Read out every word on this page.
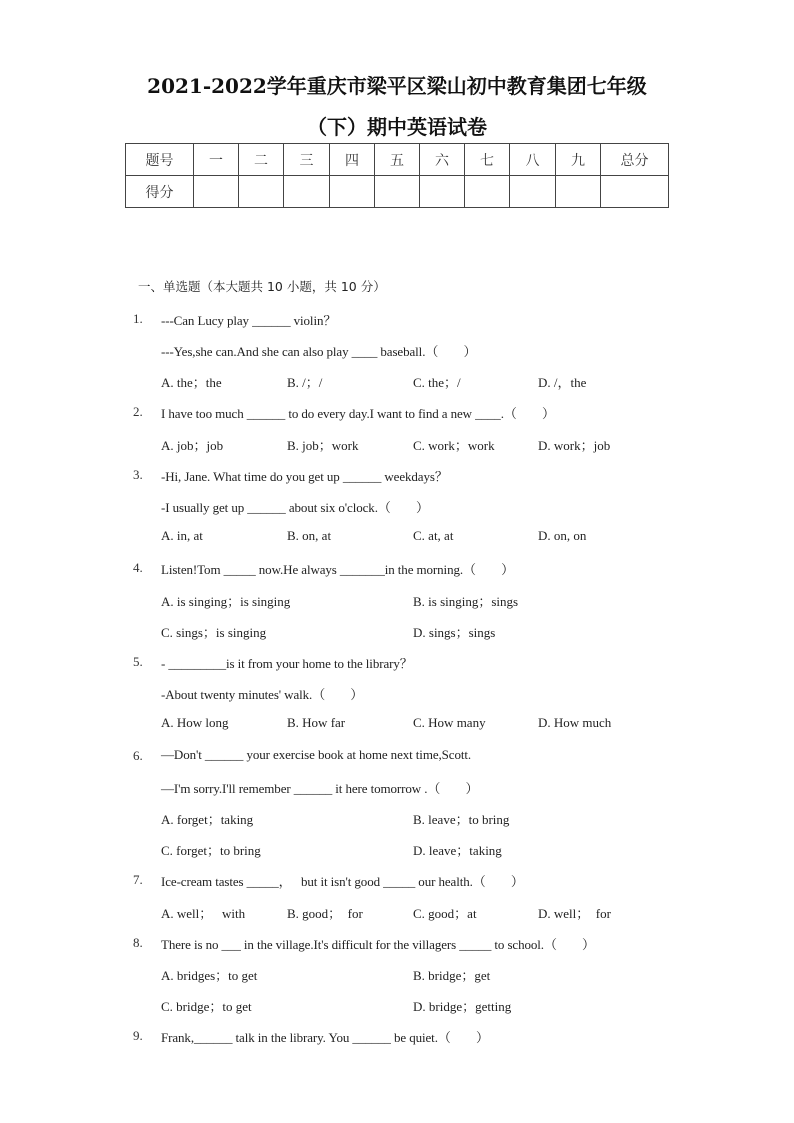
2021-2022学年重庆市梁平区梁山初中教育集团七年级
（下）期中英语试卷
题号	一	二	三	四	五	六	七	八	九	总分
得分										
一、单选题（本大题共 10 小题，共 10 分）
1. ---Can Lucy play ______ violin？
---Yes,she can.And she can also play ____ baseball.（        ）
A. the；the	B. /；/	C. the；/	D. /，the
2. I have too much ______ to do every day.I want to find a new ____.（        ）
A. job；job	B. job；work	C. work；work	D. work；job
3. -Hi, Jane. What time do you get up ______ weekdays？
-I usually get up ______ about six o'clock.（        ）
A. in, at	B. on, at	C. at, at	D. on, on
4. Listen!Tom _____ now.He always _______in the morning.（        ）
A. is singing；is singing	B. is singing；sings
C. sings；is singing	D. sings；sings
5. - _________is it from your home to the library？
-About twenty minutes' walk.（        ）
A. How long	B. How far	C. How many	D. How much
6. —Don't ______ your exercise book at home next time,Scott.
—I'm sorry.I'll remember ______ it here tomorrow .（        ）
A. forget；taking	B. leave；to bring
C. forget；to bring	D. leave；taking
7. Ice-cream tastes _____，   but it isn't good _____ our health.（        ）
A. well；   with	B. good；  for	C. good；at	D. well；  for
8. There is no ___ in the village.It's difficult for the villagers _____ to school.（        ）
A. bridges；to get	B. bridge；get
C. bridge；to get	D. bridge；getting
9. Frank,______ talk in the library. You ______ be quiet.（        ）
